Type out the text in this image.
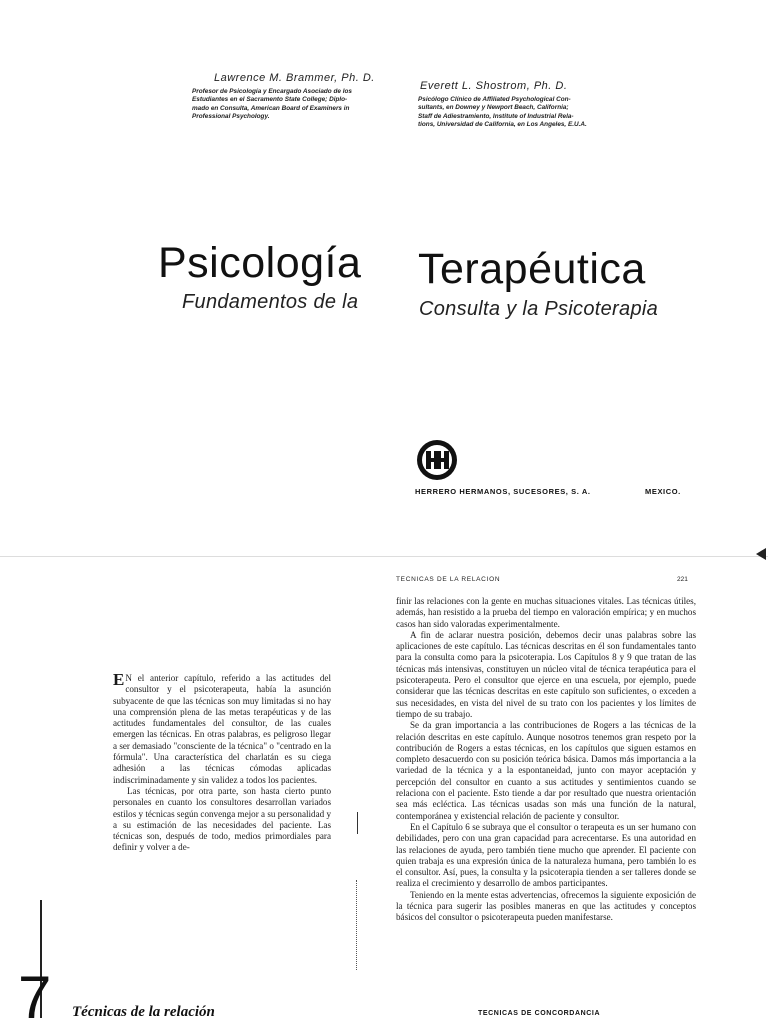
Lawrence M. Brammer, Ph. D.
Profesor de Psicología y Encargado Asociado de los
Estudiantes en el Sacramento State College; Diplo-
mado en Consulta, American Board of Examiners in
Professional Psychology.
Everett L. Shostrom, Ph. D.
Psicólogo Clínico de Affiliated Psychological Con-
sultants, en Downey y Newport Beach, California;
Staff de Adiestramiento, Institute of Industrial Rela-
tions, Universidad de California, en Los Angeles, E.U.A.
Psicología Terapéutica
Fundamentos de la	Consulta y la Psicoterapia
HERRERO HERMANOS, SUCESORES, S. A.	MEXICO.

E N el anterior capítulo, referido a las actitudes del consultor y el psicoterapeuta, había la asunción subyacente de que las técnicas son muy limitadas si no hay una comprensión plena de las metas terapéuticas y de las actitudes fundamentales del consultor, de las cuales emergen las técnicas. En otras palabras, es peligroso llegar a ser demasiado "consciente de la técnica" o "centrado en la fórmula". Una característica del charlatán es su ciega adhesión a las técnicas cómodas aplicadas indiscriminadamente y sin validez a todos los pacientes.

Las técnicas, por otra parte, son hasta cierto punto personales en cuanto los consultores desarrollan variados estilos y técnicas según convenga mejor a su personalidad y a su estimación de las necesidades del paciente. Las técnicas son, después de todo, medios primordiales para definir y volver a de-

7 Técnicas de la relación
TECNICAS DE LA RELACION	221

finir las relaciones con la gente en muchas situaciones vitales. Las técnicas útiles, además, han resistido a la prueba del tiempo en valoración empírica; y en muchos casos han sido valoradas experimentalmente.

A fin de aclarar nuestra posición, debemos decir unas palabras sobre las aplicaciones de este capítulo. Las técnicas descritas en él son fundamentales tanto para la consulta como para la psicoterapia. Los Capítulos 8 y 9 que tratan de las técnicas más intensivas, constituyen un núcleo vital de técnica terapéutica para el psicoterapeuta. Pero el consultor que ejerce en una escuela, por ejemplo, puede considerar que las técnicas descritas en este capítulo son suficientes, o exceden a sus necesidades, en vista del nivel de su trato con los pacientes y los límites de tiempo de su trabajo.

Se da gran importancia a las contribuciones de Rogers a las técnicas de la relación descritas en este capítulo. Aunque nosotros tenemos gran respeto por la contribución de Rogers a estas técnicas, en los capítulos que siguen estamos en completo desacuerdo con su posición teórica básica. Damos más importancia a la variedad de la técnica y a la espontaneidad, junto con mayor aceptación y percepción del consultor en cuanto a sus actitudes y sentimientos cuando se relaciona con el paciente. Esto tiende a dar por resultado que nuestra orientación sea más ecléctica. Las técnicas usadas son más una función de la natural, contemporánea y existencial relación de paciente y consultor.

En el Capítulo 6 se subraya que el consultor o terapeuta es un ser humano con debilidades, pero con una gran capacidad para acrecentarse. Es una autoridad en las relaciones de ayuda, pero también tiene mucho que aprender. El paciente con quien trabaja es una expresión única de la naturaleza humana, pero también lo es el consultor. Así, pues, la consulta y la psicoterapia tienden a ser talleres donde se realiza el crecimiento y desarrollo de ambos participantes.

Teniendo en la mente estas advertencias, ofrecemos la siguiente exposición de la técnica para sugerir las posibles maneras en que las actitudes y conceptos básicos del consultor o psicoterapeuta pueden manifestarse.

TECNICAS DE CONCORDANCIA
